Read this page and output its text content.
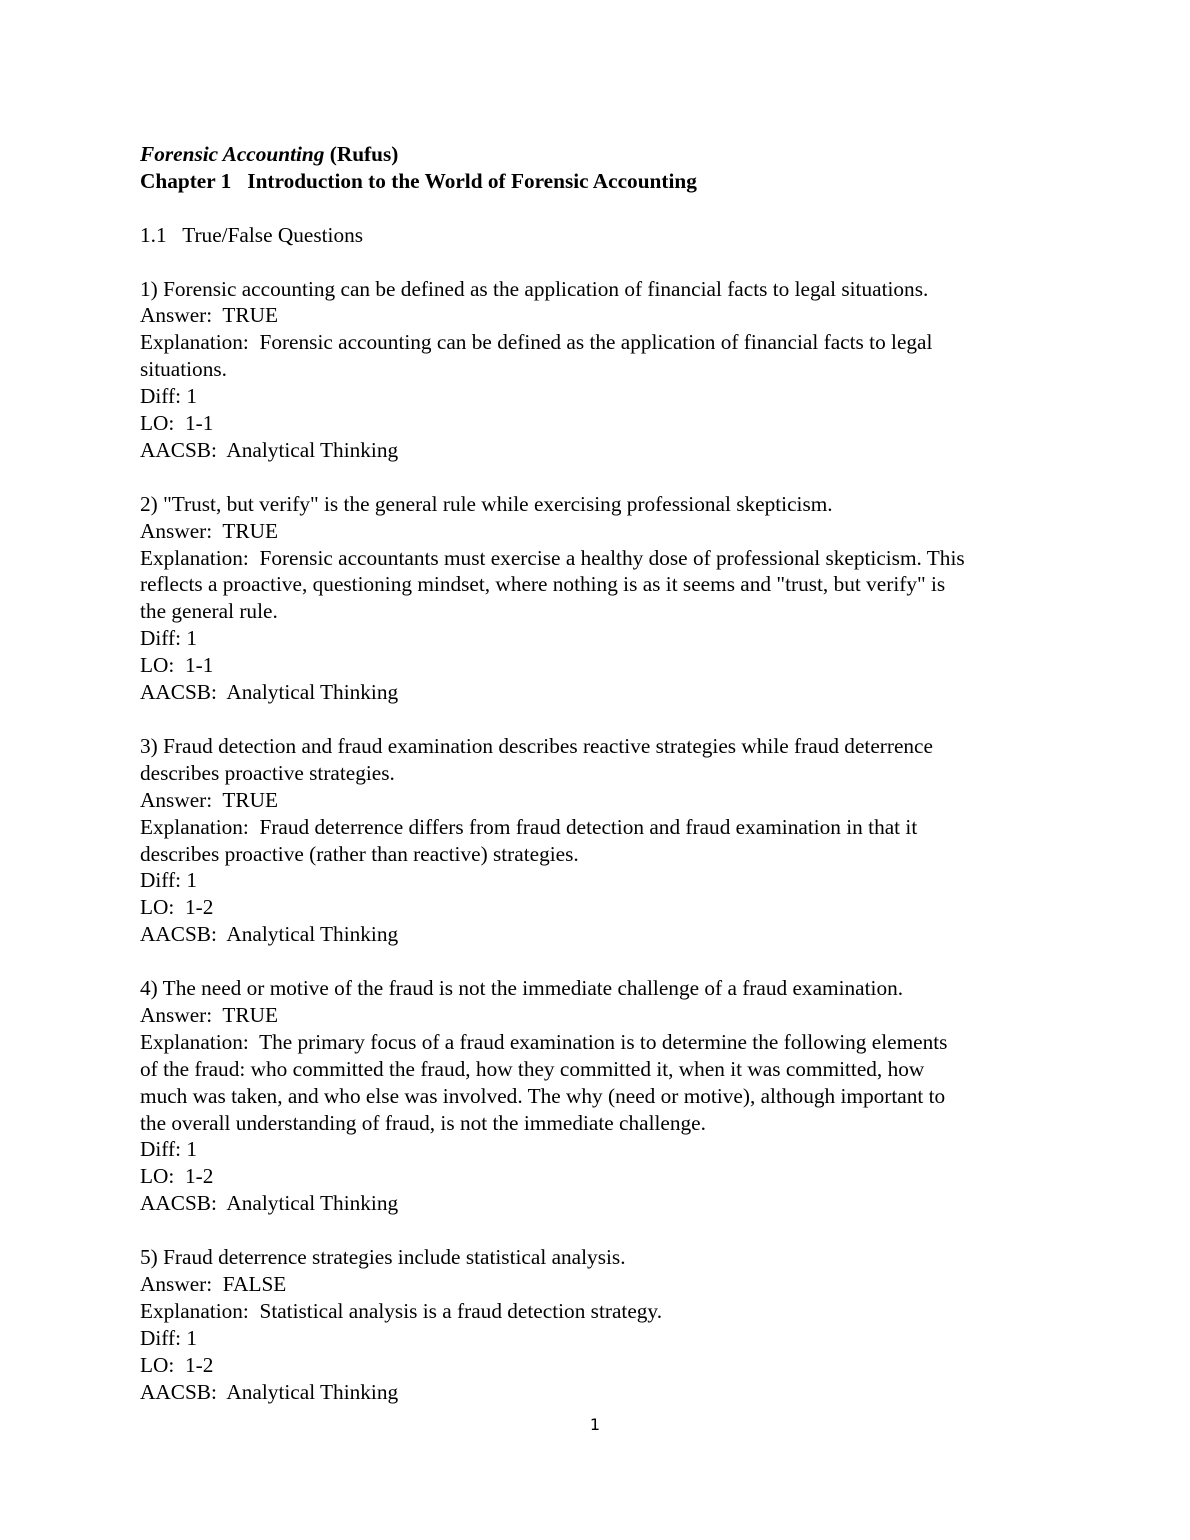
Forensic Accounting (Rufus)
Chapter 1   Introduction to the World of Forensic Accounting
1.1   True/False Questions
1) Forensic accounting can be defined as the application of financial facts to legal situations.
Answer:  TRUE
Explanation:  Forensic accounting can be defined as the application of financial facts to legal
situations.
Diff: 1
LO:  1-1
AACSB:  Analytical Thinking
2) "Trust, but verify" is the general rule while exercising professional skepticism.
Answer:  TRUE
Explanation:  Forensic accountants must exercise a healthy dose of professional skepticism. This
reflects a proactive, questioning mindset, where nothing is as it seems and "trust, but verify" is
the general rule.
Diff: 1
LO:  1-1
AACSB:  Analytical Thinking
3) Fraud detection and fraud examination describes reactive strategies while fraud deterrence
describes proactive strategies.
Answer:  TRUE
Explanation:  Fraud deterrence differs from fraud detection and fraud examination in that it
describes proactive (rather than reactive) strategies.
Diff: 1
LO:  1-2
AACSB:  Analytical Thinking
4) The need or motive of the fraud is not the immediate challenge of a fraud examination.
Answer:  TRUE
Explanation:  The primary focus of a fraud examination is to determine the following elements
of the fraud: who committed the fraud, how they committed it, when it was committed, how
much was taken, and who else was involved. The why (need or motive), although important to
the overall understanding of fraud, is not the immediate challenge.
Diff: 1
LO:  1-2
AACSB:  Analytical Thinking
5) Fraud deterrence strategies include statistical analysis.
Answer:  FALSE
Explanation:  Statistical analysis is a fraud detection strategy.
Diff: 1
LO:  1-2
AACSB:  Analytical Thinking
1
